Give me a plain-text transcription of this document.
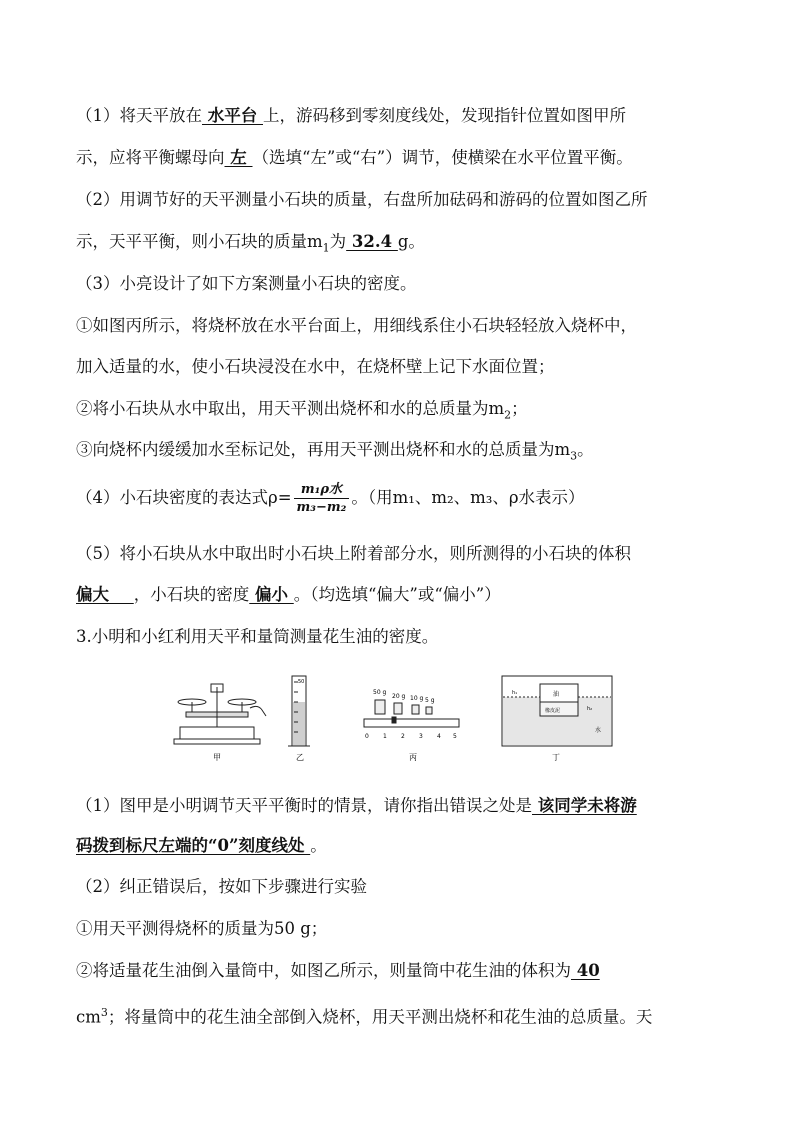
（1）将天平放在 水平台 上，游码移到零刻度线处，发现指针位置如图甲所
示，应将平衡螺母向 左 （选填“左”或“右”）调节，使横梁在水平位置平衡。
（2）用调节好的天平测量小石块的质量，右盘所加砝码和游码的位置如图乙所
示，天平平衡，则小石块的质量$m_1$为 32.4 g。
（3）小亮设计了如下方案测量小石块的密度。
①如图丙所示，将烧杯放在水平台面上，用细线系住小石块轻轻放入烧杯中，
加入适量的水，使小石块浸没在水中，在烧杯壁上记下水面位置；
②将小石块从水中取出，用天平测出烧杯和水的总质量为$m_2$；
③向烧杯内缓缓加水至标记处，再用天平测出烧杯和水的总质量为$m_3$。
（4）小石块密度的表达式$\rho= \frac{\text{m₁ρ水}}{\text{m₃−m₂}}$ 。（用m₁、m₂、m₃、ρ水表示）
（5）将小石块从水中取出时小石块上附着部分水，则所测得的小石块的体积
偏大   ，小石块的密度 偏小 。（均选填“偏大”或“偏小”）
3.小明和小红利用天平和量筒测量花生油的密度。
甲
50
乙
50 g
20 g 10 g 5 g
0 1 2 3 4 5
丙
油
橡皮泥
水
h₁
h₂
丁
（1）图甲是小明调节天平平衡时的情景，请你指出错误之处是 该同学未将游
码拨到标尺左端的“0”刻度线处 。
（2）纠正错误后，按如下步骤进行实验
①用天平测得烧杯的质量为50 g；
②将适量花生油倒入量筒中，如图乙所示，则量筒中花生油的体积为 40
$cm^3$；将量筒中的花生油全部倒入烧杯，用天平测出烧杯和花生油的总质量。天
